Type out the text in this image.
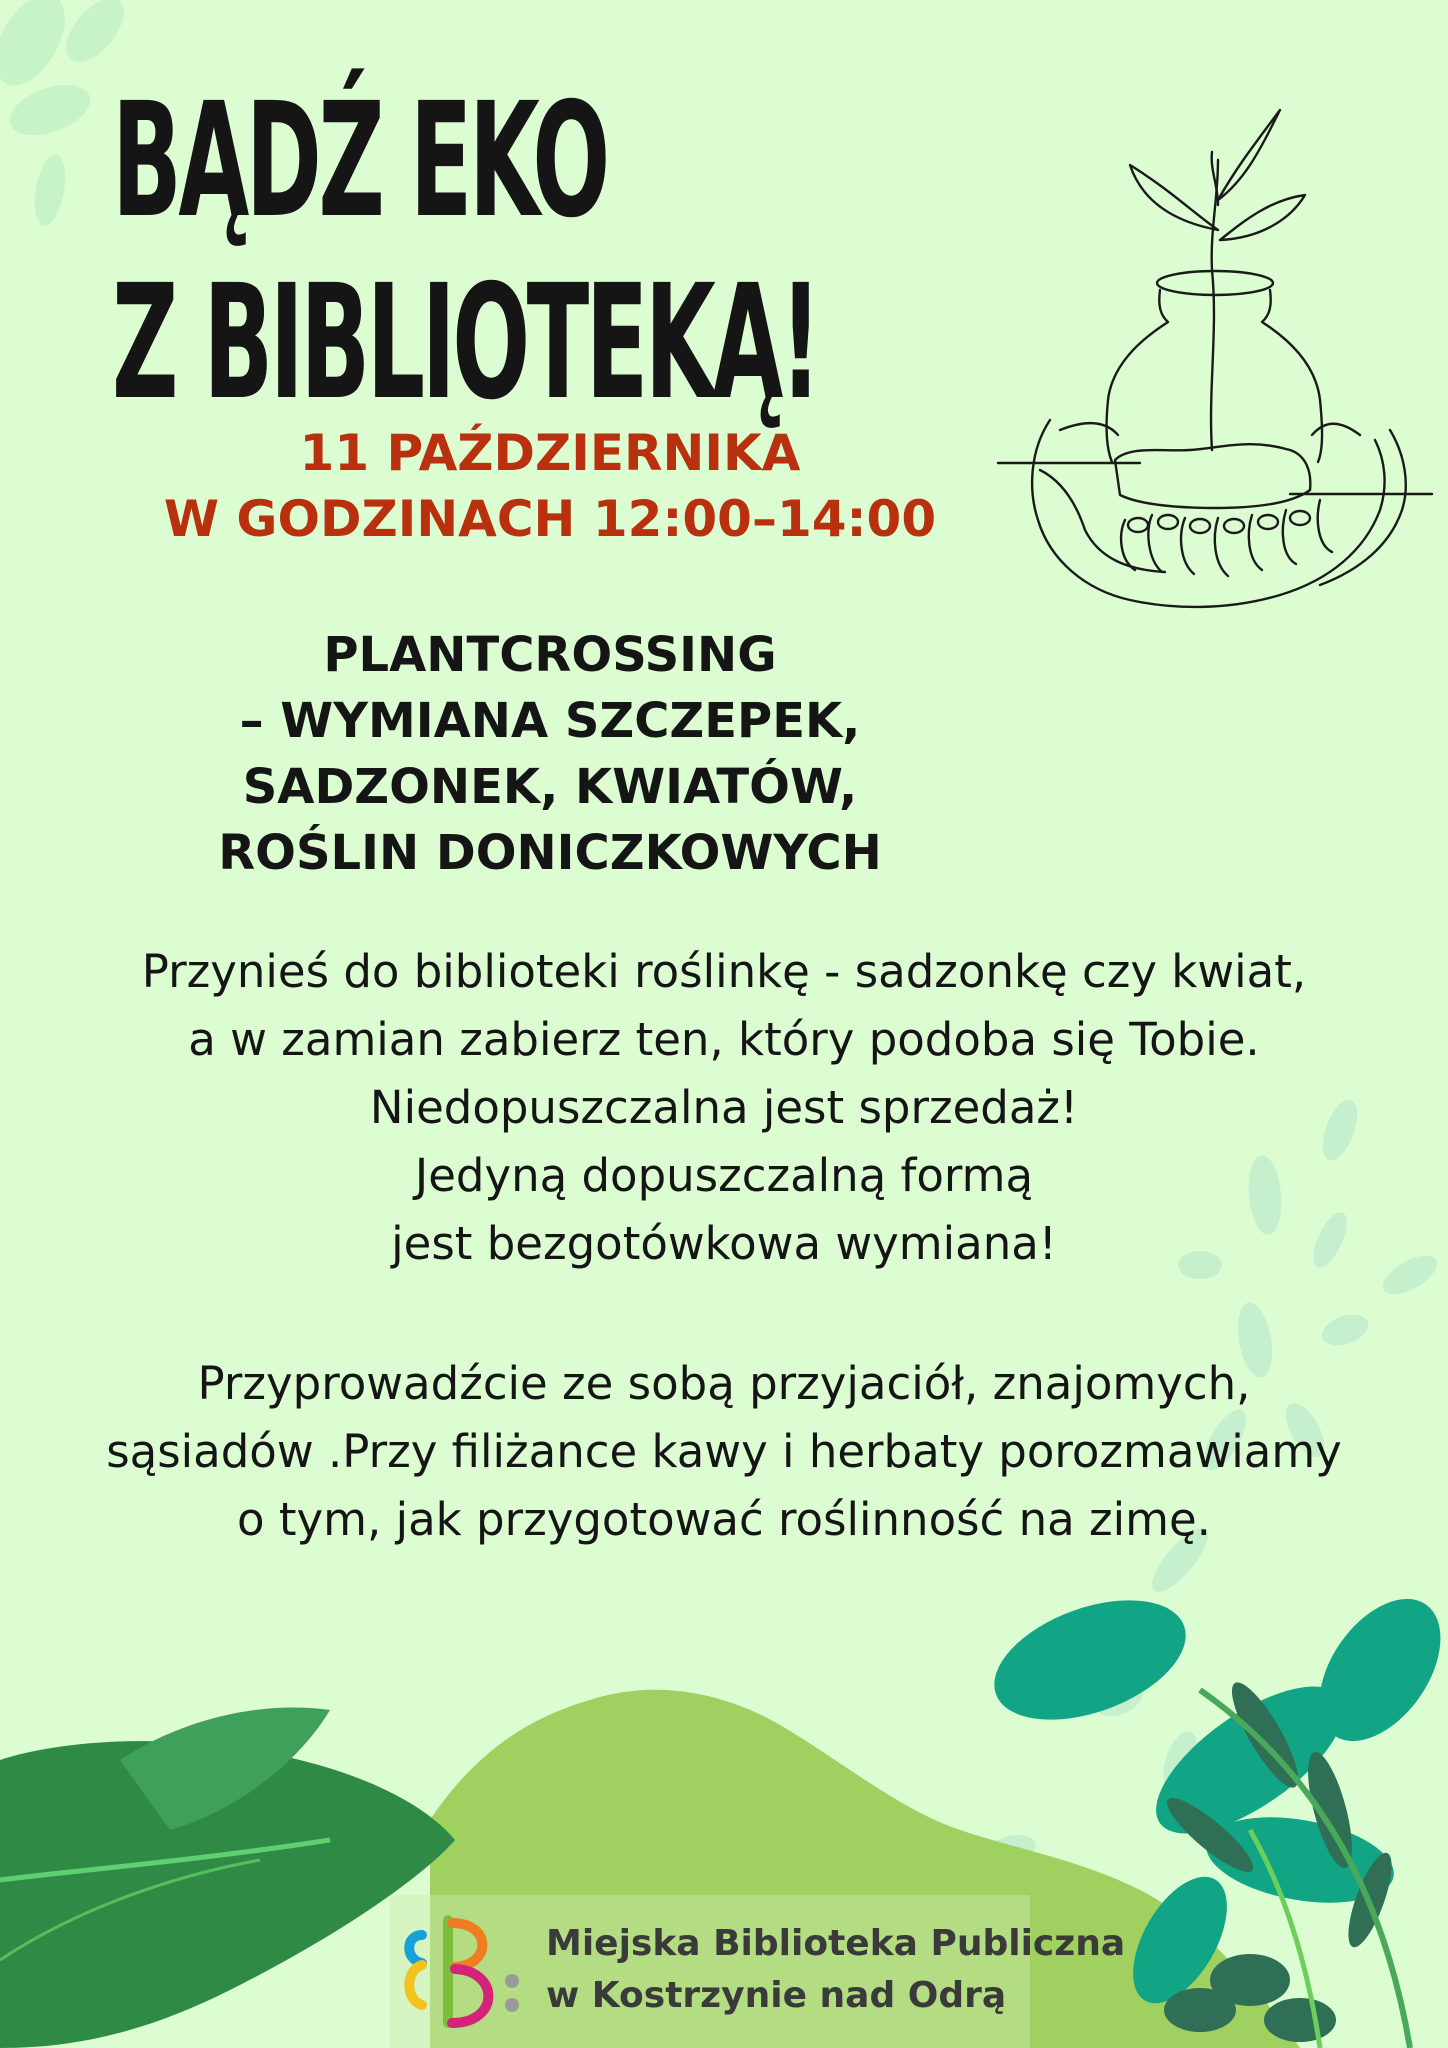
BĄDŹ EKO
Z BIBLIOTEKĄ!
11 PAŹDZIERNIKA
W GODZINACH 12:00–14:00
PLANTCROSSING
– WYMIANA SZCZEPEK,
SADZONEK, KWIATÓW,
ROŚLIN DONICZKOWYCH
Przynieś do biblioteki roślinkę - sadzonkę czy kwiat,
a w zamian zabierz ten, który podoba się Tobie.
Niedopuszczalna jest sprzedaż!
Jedyną dopuszczalną formą
jest bezgotówkowa wymiana!
Przyprowadźcie ze sobą przyjaciół, znajomych,
sąsiadów .Przy filiżance kawy i herbaty porozmawiamy
o tym, jak przygotować roślinność na zimę.
Miejska Biblioteka Publiczna
w Kostrzynie nad Odrą
